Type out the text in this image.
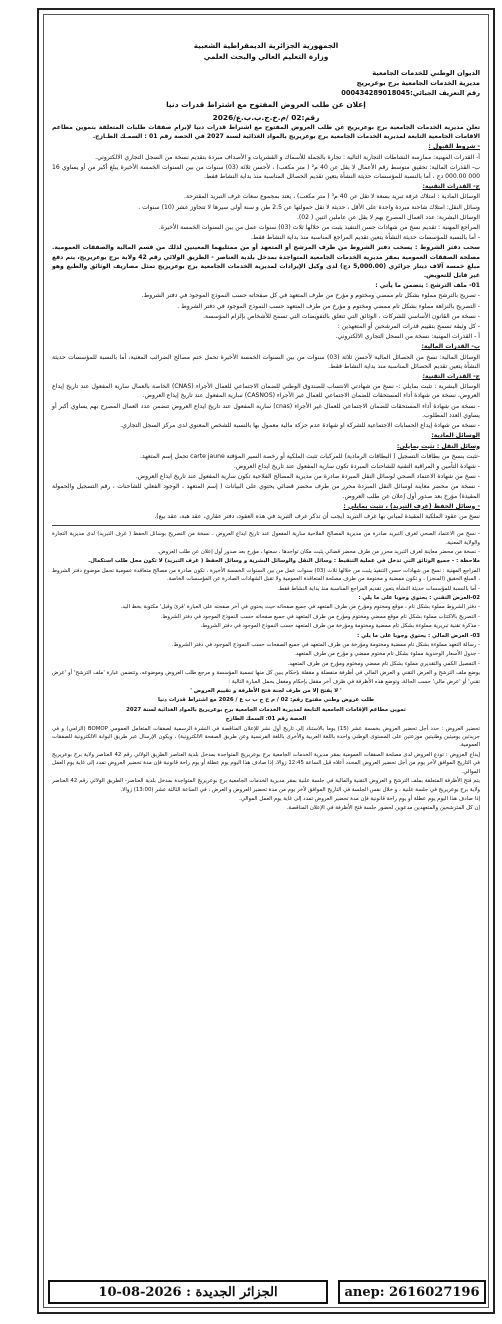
الجمهورية الجزائرية الديمقراطية الشعبية
وزارة التعليم العالي والبحث العلمي
الديوان الوطني للخدمات الجامعية
مديرية الخدمات الجامعية برج بوعريريج
رقم التعريف الجبائي:000434289018045
إعلان عن طلب العروض المفتوح مع اشتراط قدرات دنيا
رقم:02 /م.خ.ج.ب.ب.ع/2026
تعلن مديرية الخدمات الجامعية برج بوعريريج عن طلب العروض المفتوح مع اشتراط قدرات دنيا لإبرام صفقات طلبات المتعلقة بتموين مطاعم الاقامات الجامعية التابعة لمديرية الخدمات الجامعية برج بوعريريج بالمواد الغذائية لسنة 2027 في الحصة رقم 01 : السمـك الطـازج.
- شروط القبول :
أ- القدرات المهنية: ممارسة النشاطات التجارية التالية : تجارة بالجملة للأسماك و القشريات و الأصداف مبردة بتقديم نسخة من السجل التجاري الالكتروني.
ب- القدرات المالية: تحقيق متوسط رقم الأعمال لا يقل عن 40 م² ( متر مكعب) ، لأحسن ثلاثة (03) سنوات من بين السنوات الخمسة الأخيرة يبلغ أكبر من أو يساوي 16 000 000.00 دج ، أما بالنسبة للمؤسسات حديثة النشأة يتعين تقديم الحصائل المناسبة منذ بداية النشاط فقط.
ج- القدرات التقنية:
الوسائل المادية : امتلاك غرفة تبريد بسعة لا تقل عن 40 م³ ( متر مكعب) ، يعتد بمجموع سعات غرف التبريد المقترحة.
وسائل النقل: امتلاك شاحنة مبردة واحدة على الأقل ، حديثة لا تقل حمولتها عن 2.5 طن و سنة أولى سيرها لا تتجاوز عشر (10) سنوات .
الوسائل البشرية: عدد العمال المصرح بهم لا يقل عن عاملين اثنين ( 02).
المراجع المهنية : تقديم نسخ من شهادات حسن التنفيذ يثبت من خلالها ثلاث (03) سنوات عمل من بين السنوات الخمسة الأخيرة.
- أما بالنسبة للمؤسسات حديثة النشأة يتعين تقديم المراجع المناسبة منذ بداية النشاط فقط.
سحب دفتر الشروط : يسحب دفتر الشروط من طرف المرشح أو المتعهد أو من ممثليهما المعينين لذلك من قسم المالية والصفقات العمومية. مصلحة الصفقات العمومية بمقر مديرية الخدمات الجامعية المتواجدة بمدخل بلدية العناصر - الطريق الولائي رقم 42 ولاية برج بوعريريج، يتم دفع مبلغ خمسة آلاف دينار جزائري (5,000.00 دج) لدى وكيل الإيرادات لمديرية الخدمات الجامعية برج بوعريريج تمثل مصاريف الوثائق والطبع وهو غير قابل للتعويض.
01- ملف الترشح : يتضمن ما يأتي :
- تصريح بالترشح مملوء بشكل تام ممضي ومختوم و مؤرخ من طرف المتعهد في كل صفحاته حسب النموذج الموجود في دفتر الشروط.
- التصريح بالنزاهة مملوء بشكل تام ممضي ومختوم و مؤرخ من طرف المتعهد حسب النموذج الموجود في دفتر الشروط .
- نسخة من القانون الأساسي للشركات ، الوثائق التي تتعلق بالتفويضات التي تسمح للأشخاص بإلزام المؤسسة.
- كل وثيقة تسمح بتقييم قدرات المرشحين أو المتعهدين :
أ - القدرات المهنية: نسخة من السجل التجاري الالكتروني.
ب- القدرات المالية:
الوسائل المالية: نسخ من الحصائل المالية لأحسن ثلاثة (03) سنوات من بين السنوات الخمسة الأخيرة تحمل ختم مصالح الضرائب المعنية، أما بالنسبة للمؤسسات حديثة النشأة يتعين تقديم الحصائل المناسبة منذ بداية النشاط فقط.
ج- القدرات التقنية:
الوسائل البشرية : تثبت بمايلي :- نسخ من شهادتي الانتساب للصندوق الوطني للضمان الاجتماعي للعمال الأجراء (CNAS) الخاصة بالعمال سارية المفعول عند تاريخ إيداع العروض، نسخة من شهادة أداء المستحقات للضمان الاجتماعي للعمال غير الأجراء (CASNOS) سارية المفعول عند تاريخ إيداع العروض.
- نسخة من شهادة أداء المستحقات للضمان الاجتماعي للعمال غير الأجراء (cnas) سارية المفعول عند تاريخ ايداع العروض تتضمن عدد العمال المصرح بهم يساوي أكبر أو يساوي العدد المطلوب.
- نسخة من شهادة إيداع الحسابات الاجتماعية للشركة او شهادة عدم حركة مالية معمول بها بالنسبة للشخص المعنوي لدى مركز السجل التجاري.
الوسائل المادية:
وسائل النقل : تثبت بمايلي:
-تثبت بنسخ من بطاقات التسجيل ( البطاقات الرمادية) للمركبات تثبت الملكية أو رخصة السير المؤقتة carte jaune تحمل إسم المتعهد.
- شهادة التأمين و المراقبة التقنية للشاحنات المبردة تكون سارية المفعول عند تاريخ ايداع العروض.
- نسخ من شهادة الاعتماد الصحي لوسائل النقل المبردة صادرة من مديرية المصالح الفلاحية تكون سارية المفعول عند تاريخ ايداع العروض.
- نسخة من محضر معاينة لوسائل النقل المبردة محرر من طرف محضر قضائي يحتوي على البيانات ( إسم المتعهد ، الوجود الفعلي للشاحنات ، رقم التسجيل والحمولة المقيدة) مؤرخ بعد صدور أول إعلان عن طلب العروض.
- وسائل الحفظ (غرف التبريد) ، تثبت بمايلي :
نسخ من عقود الملكية المقيدة لمباني بها غرف التبريد (يجب أن تذكر غرف التبريد في هذه العقود، دفتر عقاري، عقد هبة، عقد بيع).
- نسخ من الاعتماد الصحي لغرف التبريد صادرة من مديرية المصالح الفلاحية سارية المفعول عند تاريخ ايداع العروض ، نسخة من التصريح بوسائل الحفظ ( غرف التبريد) لدى مديرية التجارة والولاية المعنية.
- نسخة من محضر معاينة لغرف التبريد محرر من طرف محضر قضائي يثبت مكان تواجدها ، سعتها ، مؤرخ بعد صدور أول إعلان عن طلب العروض.
ملاحظة : - جميع الوثائق التي تدخل في عملية التنقيط : وسائل النقل والوسائل البشرية و وسائل الحفظ ( غرف التبريد) لا تكون محل طلب استكمال.
المراجع المهنية : نسخ من شهادات حسن التنفيذ يثبت من خلالها ثلاث (03) سنوات عمل من بين السنوات الخمسة الأخيرة ، تكون صادرة من مصالح متعاقدة عمومية تحمل موضوع دفتر الشروط ، المبلغ الحقيق (المنجز) ، و تكون ممضية و مختومة من طرف مصلحة المتعاقدة العمومية ولا تقبل الشهادات الصادرة عن المؤسسات الخاصة.
- أما بالنسبة للمؤسسات حديثة النشأة يتعين تقديم المراجع المناسبة منذ بداية النشاط فقط.
02-العرض التقني : يحتوي وجوبا على ما يلي :
- دفتر الشروط مملوء بشكل تام ، موقع ومختوم ومؤرخ من طرف المتعهد في جميع صفحاته حيث يحتوي في آخر صفحته على العبارة 'قرئ وقبل' مكتوبة بخط اليد.
- التصريح بالاكتتاب مملوء بشكل تام موقع ممضي ومختوم ومؤرخ من طرف المتعهد في جميع صفحاته حسب النموذج الموجود في دفتر الشروط.
- مذكرة تقنية تبريرية مملوءة بشكل تام ممضية ومختومة ومؤرخة من طرف المتعهد حسب النموذج الموجود في دفتر الشروط.
03- العرض المالي : يحتوي وجوبا على ما يلي :
- رسالة التعهد مملوءة بشكل تام ممضية ومختومة ومؤرخة من طرف المتعهد في جميع الصفحات حسب النموذج الموجود في دفتر الشروط.
- جدول الأسعار الوحدوية مملوء بشكل تام مختوم ممضي و مؤرخ من طرف المتعهد.
- التفصيل الكمي والتقديري مملوء بشكل تام ممضي ومختوم ومؤرخ من طرف المتعهد.
يوضع ملف الترشح و العرض التقني و العرض المالي في أظرفة منفصلة و مقفلة بإحكام يبين كل منها تسمية المؤسسة و مرجع طلب العروض وموضوعه، وتتضمن عبارة 'ملف الترشح' أو 'عرض تقني' أو 'عرض مالي' حسب الحالة، وتوضع هذه الأظرفة في ظرف آخر مقفل بإحكام ومغفل يحمل العبارة التالية :
' لا يفتح إلا من طرف لجنة فتح الأظرفة و تقييم العروض '
طلب عروض وطني مفتوح رقم: 02 / م خ ج ب ب ع / 2026 مع اشتراط قدرات دنيا
تموين مطاعم الإقامات الجامعية التابعة لمديرية الخدمات الجامعية برج بوعريريج بالمواد الغذائية لسنة 2027
الحصة رقم 01: السمك الطازج
تحضير العروض : حدد أجل تحضير العروض بخمسة عشر (15) يوما بالاستناد إلى تاريخ أول نشر للإعلان المناقصة في النشرة الرسمية لصفقات المتعامل العمومي BOMOP (الزامي) و في جريدتين يوميتين وطنيتين موزعتين على المستوى الوطني واحدة باللغة العربية والأخرى باللغة الفرنسية وعن طريق الصفحة الالكترونية) ، ويكون الإرسال عبر طريق البوابة الالكترونية للصفقات العمومية.
إيداع العروض : تودع العروض لدى مصلحة الصفقات العمومية بمقر مديرية الخدمات الجامعية برج بوعريريج المتواجدة بمدخل بلدية العناصر الطريق الولائي رقم 42 العناصر ولاية برج بوعريريج في التاريخ الموافق لآخر يوم من أجل تحضير العروض المحدد أعلاه قبل الساعة 12:45 زوالا، إذا صادف هذا اليوم يوم عطلة أو يوم راحة قانونية فإن مدة تحضير العروض تمدد إلى غاية يوم العمل الموالي.
يتم فتح الأظرفة المتعلقة بملف الترشح و العروض التقنية والمالية في جلسة علنية بمقر مديرية الخدمات الجامعية برج بوعريريج المتواجدة بمدخل بلدية العناصر- الطريق الولائي رقم 42 العناصر ولاية برج بوعريريج في جلسة علنية ، و خلال نفس الجلسة في التاريخ الموافق لآخر يوم من مدة تحضير العروض و العرض ، في الساعة الثالثة عشر (13:00) زوالا.
إذا صادف هذا اليوم يوم عطلة أو يوم راحة قانونية فإن مدة تحضير العروض تمدد إلى غاية يوم العمل الموالي.
إن كل المترشحين والمتعهدين مدعوين لحضور جلسة فتح الأظرفة في الإعلان المناقصة.
الجزائر الجديدة : 2026-08-10	anep: 2616027196
